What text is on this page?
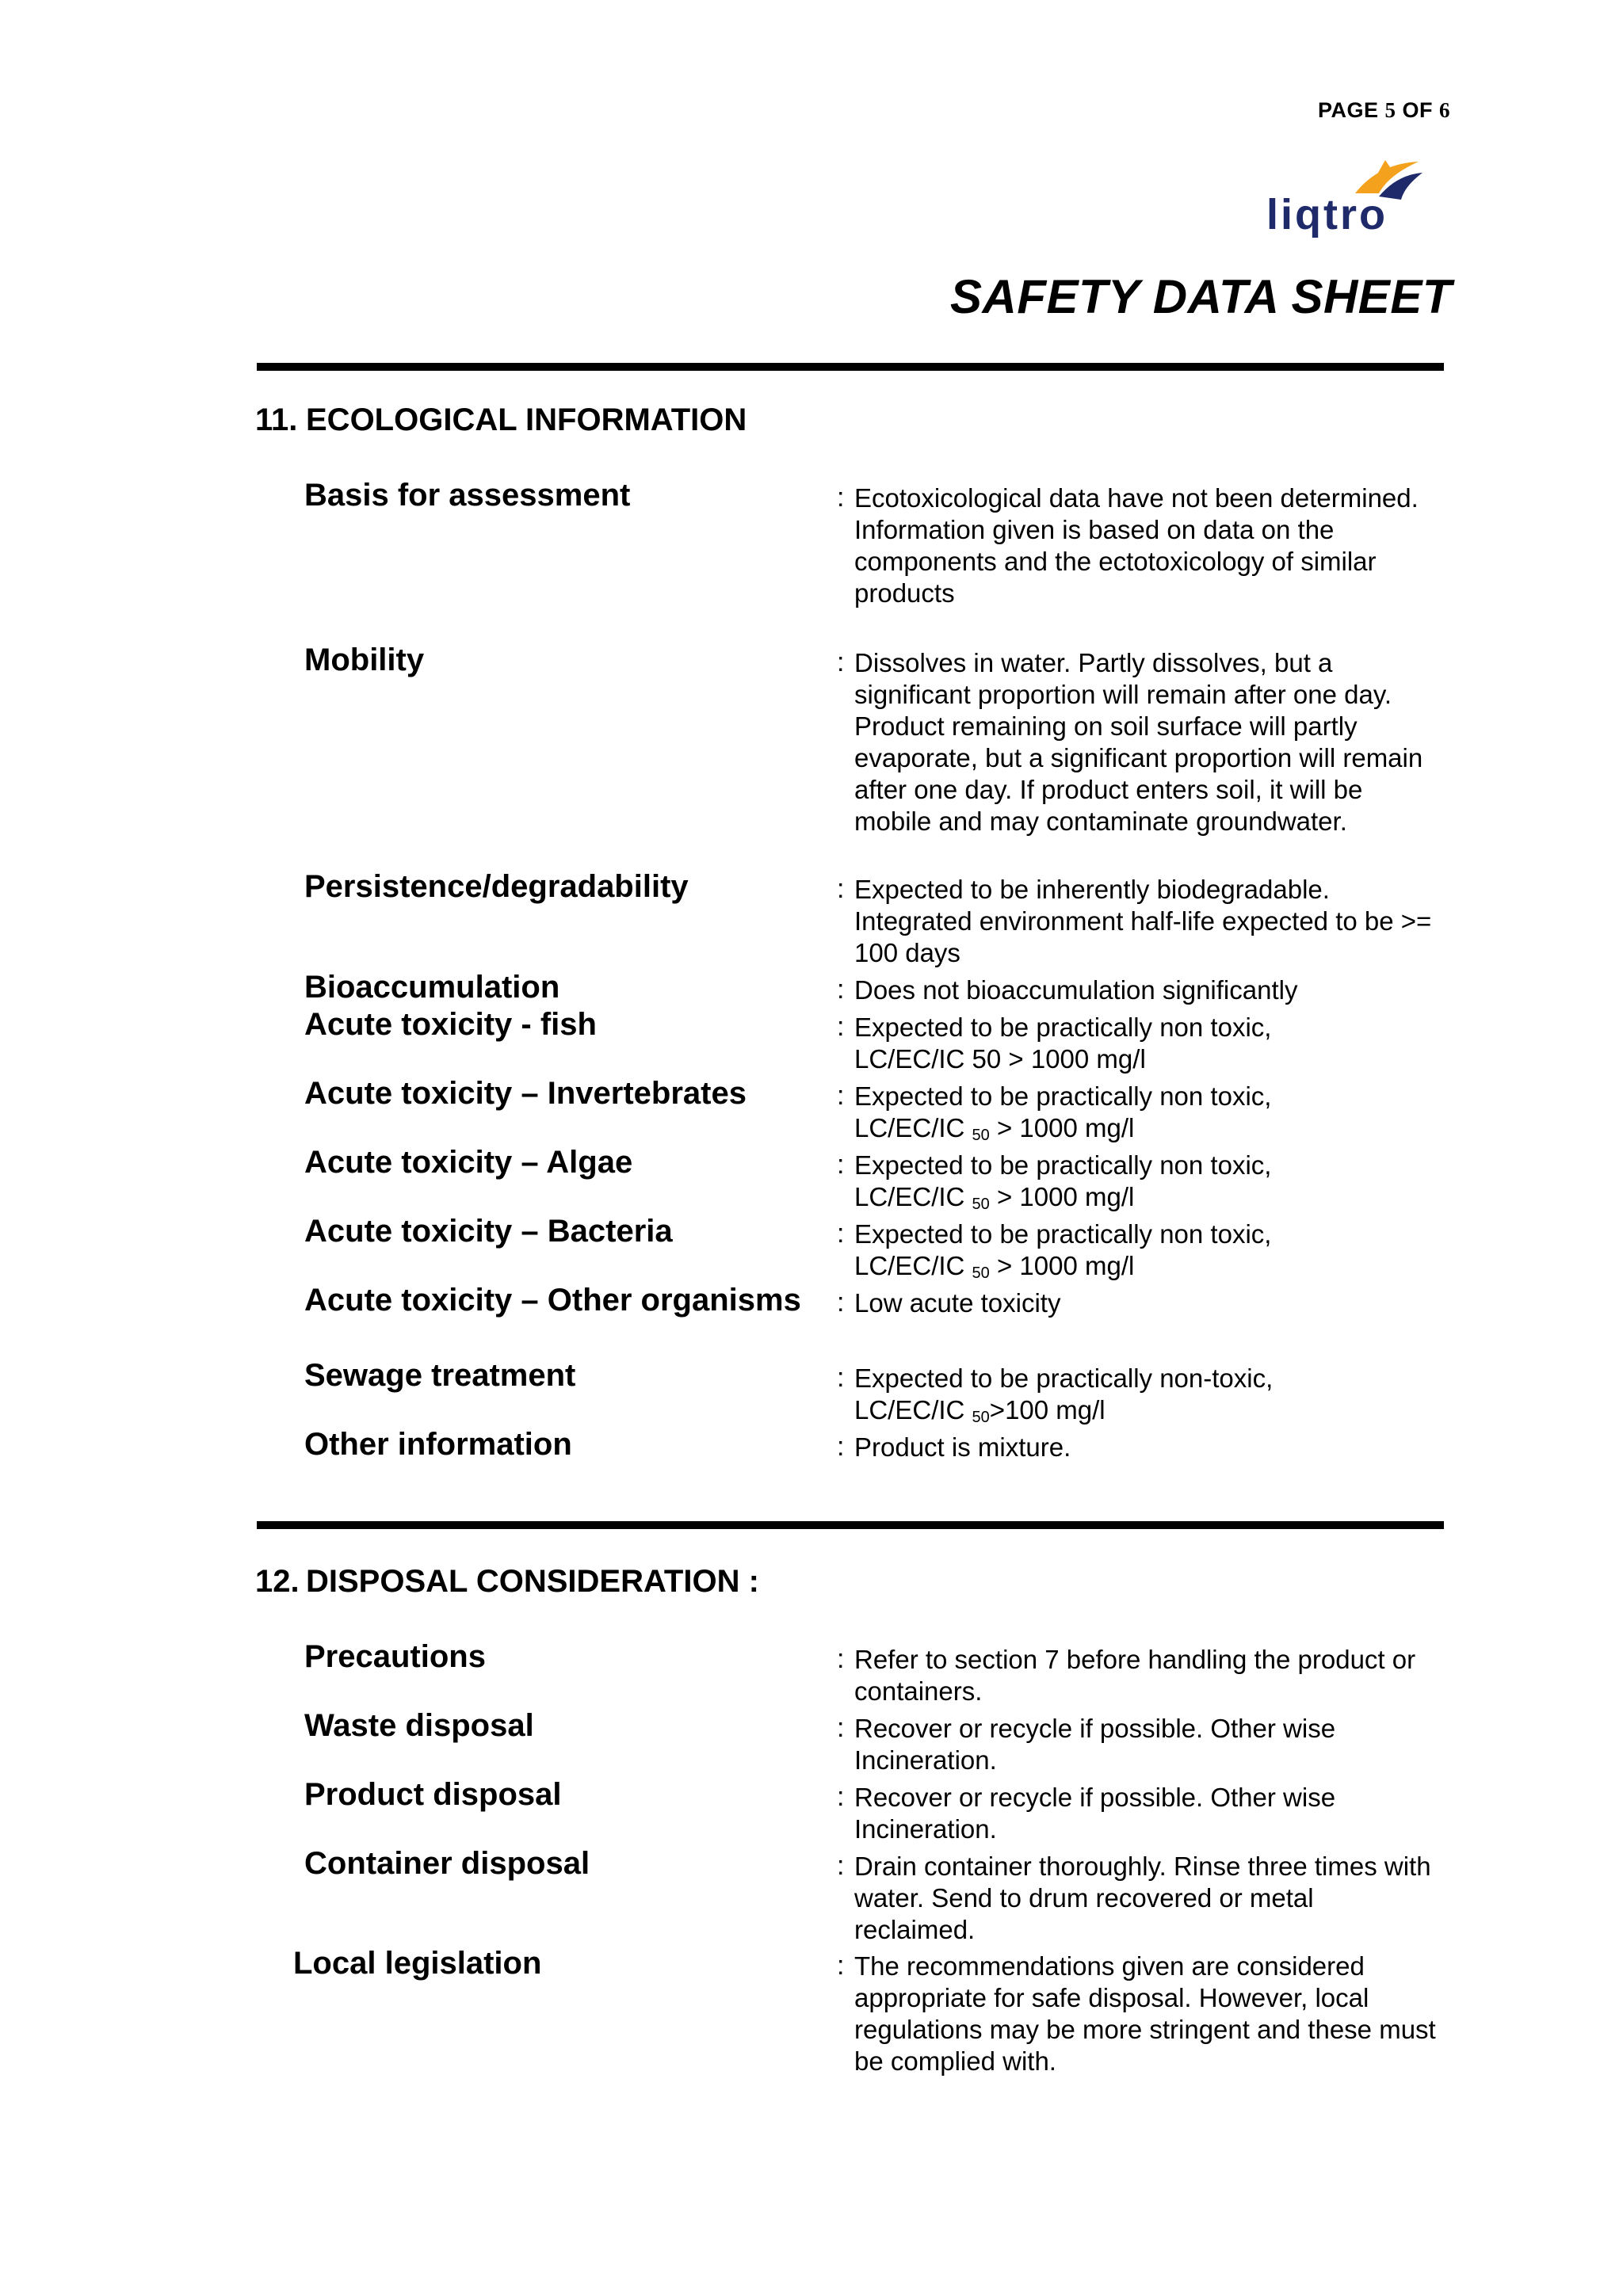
PAGE 5 OF 6
liqtro
SAFETY DATA SHEET
11. ECOLOGICAL INFORMATION
Basis for assessment	: Ecotoxicological data have not been determined.
Information given is based on data on the components and the ectotoxicology of similar products
Mobility	: Dissolves in water. Partly dissolves, but a significant proportion will remain after one day. Product remaining on soil surface will partly evaporate, but a significant proportion will remain after one day. If product enters soil, it will be mobile and may contaminate groundwater.
Persistence/degradability	: Expected to be inherently biodegradable. Integrated environment half-life expected to be >= 100 days
Bioaccumulation	: Does not bioaccumulation significantly
Acute toxicity - fish	: Expected to be practically non toxic,
LC/EC/IC 50 > 1000 mg/l
Acute toxicity – Invertebrates	: Expected to be practically non toxic,
LC/EC/IC $_{50}$ > 1000 mg/l
Acute toxicity – Algae	: Expected to be practically non toxic,
LC/EC/IC $_{50}$ > 1000 mg/l
Acute toxicity – Bacteria	: Expected to be practically non toxic,
LC/EC/IC $_{50}$ > 1000 mg/l
Acute toxicity – Other organisms : Low acute toxicity
Sewage treatment	: Expected to be practically non-toxic,
LC/EC/IC $_{50}$>100 mg/l
Other information	: Product is mixture.
12. DISPOSAL CONSIDERATION :
Precautions	: Refer to section 7 before handling the product or containers.
Waste disposal	: Recover or recycle if possible. Other wise Incineration.
Product disposal	: Recover or recycle if possible. Other wise Incineration.
Container disposal	: Drain container thoroughly. Rinse three times with water. Send to drum recovered or metal reclaimed.
Local legislation	: The recommendations given are considered appropriate for safe disposal. However, local regulations may be more stringent and these must be complied with.
